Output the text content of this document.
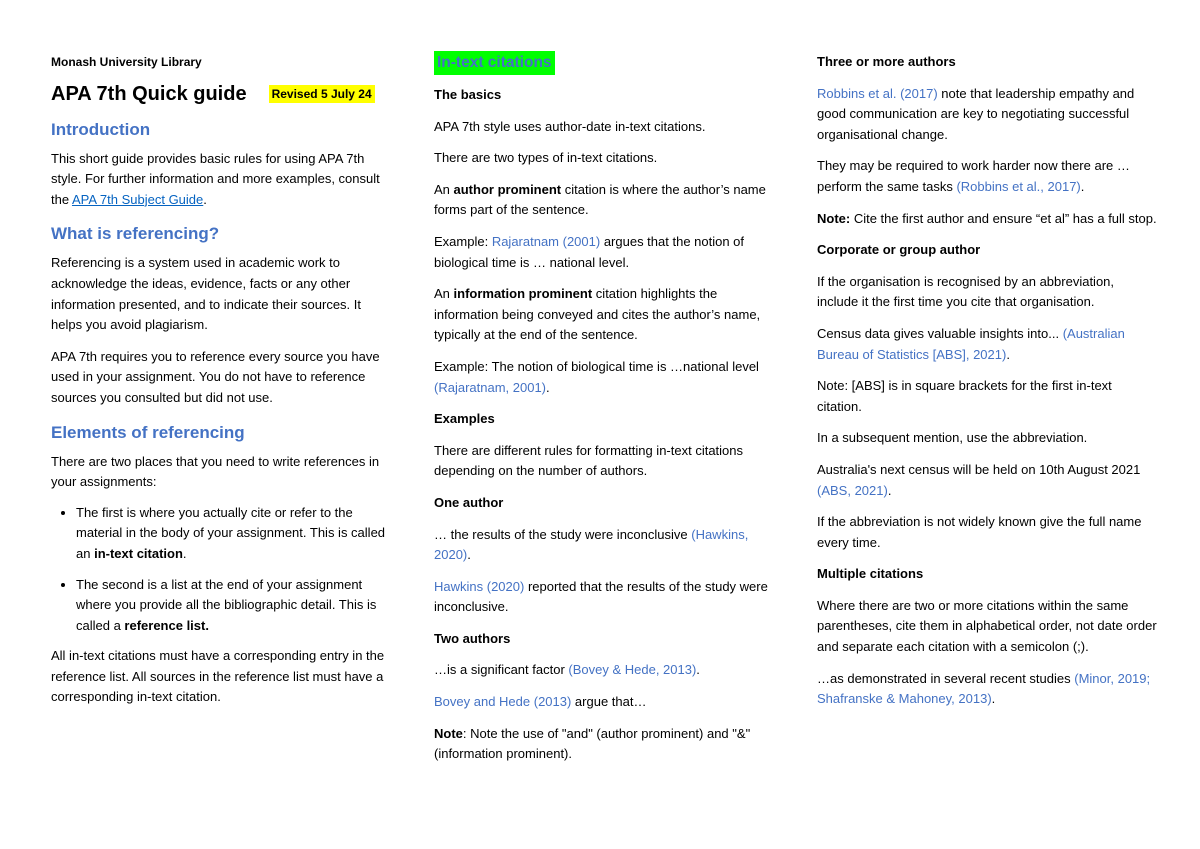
Monash University Library

APA 7th Quick guide Revised 5 July 24

Introduction

This short guide provides basic rules for using APA 7th style. For further information and more examples, consult the APA 7th Subject Guide.

What is referencing?

Referencing is a system used in academic work to acknowledge the ideas, evidence, facts or any other information presented, and to indicate their sources. It helps you avoid plagiarism.

APA 7th requires you to reference every source you have used in your assignment. You do not have to reference sources you consulted but did not use.

Elements of referencing

There are two places that you need to write references in your assignments:

• The first is where you actually cite or refer to the material in the body of your assignment. This is called an in-text citation.
• The second is a list at the end of your assignment where you provide all the bibliographic detail. This is called a reference list.

All in-text citations must have a corresponding entry in the reference list. All sources in the reference list must have a corresponding in-text citation.

In-text citations

The basics

APA 7th style uses author-date in-text citations.

There are two types of in-text citations.

An author prominent citation is where the author’s name forms part of the sentence.

Example: Rajaratnam (2001) argues that the notion of biological time is … national level.

An information prominent citation highlights the information being conveyed and cites the author’s name, typically at the end of the sentence.

Example: The notion of biological time is …national level (Rajaratnam, 2001).

Examples

There are different rules for formatting in-text citations depending on the number of authors.

One author

… the results of the study were inconclusive (Hawkins, 2020).

Hawkins (2020) reported that the results of the study were inconclusive.

Two authors

…is a significant factor (Bovey & Hede, 2013).

Bovey and Hede (2013) argue that…

Note: Note the use of "and" (author prominent) and "&" (information prominent).

Three or more authors

Robbins et al. (2017) note that leadership empathy and good communication are key to negotiating successful organisational change.

They may be required to work harder now there are … perform the same tasks (Robbins et al., 2017).

Note: Cite the first author and ensure “et al” has a full stop.

Corporate or group author

If the organisation is recognised by an abbreviation, include it the first time you cite that organisation.

Census data gives valuable insights into... (Australian Bureau of Statistics [ABS], 2021).

Note: [ABS] is in square brackets for the first in-text citation.

In a subsequent mention, use the abbreviation.

Australia's next census will be held on 10th August 2021 (ABS, 2021).

If the abbreviation is not widely known give the full name every time.

Multiple citations

Where there are two or more citations within the same parentheses, cite them in alphabetical order, not date order and separate each citation with a semicolon (;).

…as demonstrated in several recent studies (Minor, 2019; Shafranske & Mahoney, 2013).
